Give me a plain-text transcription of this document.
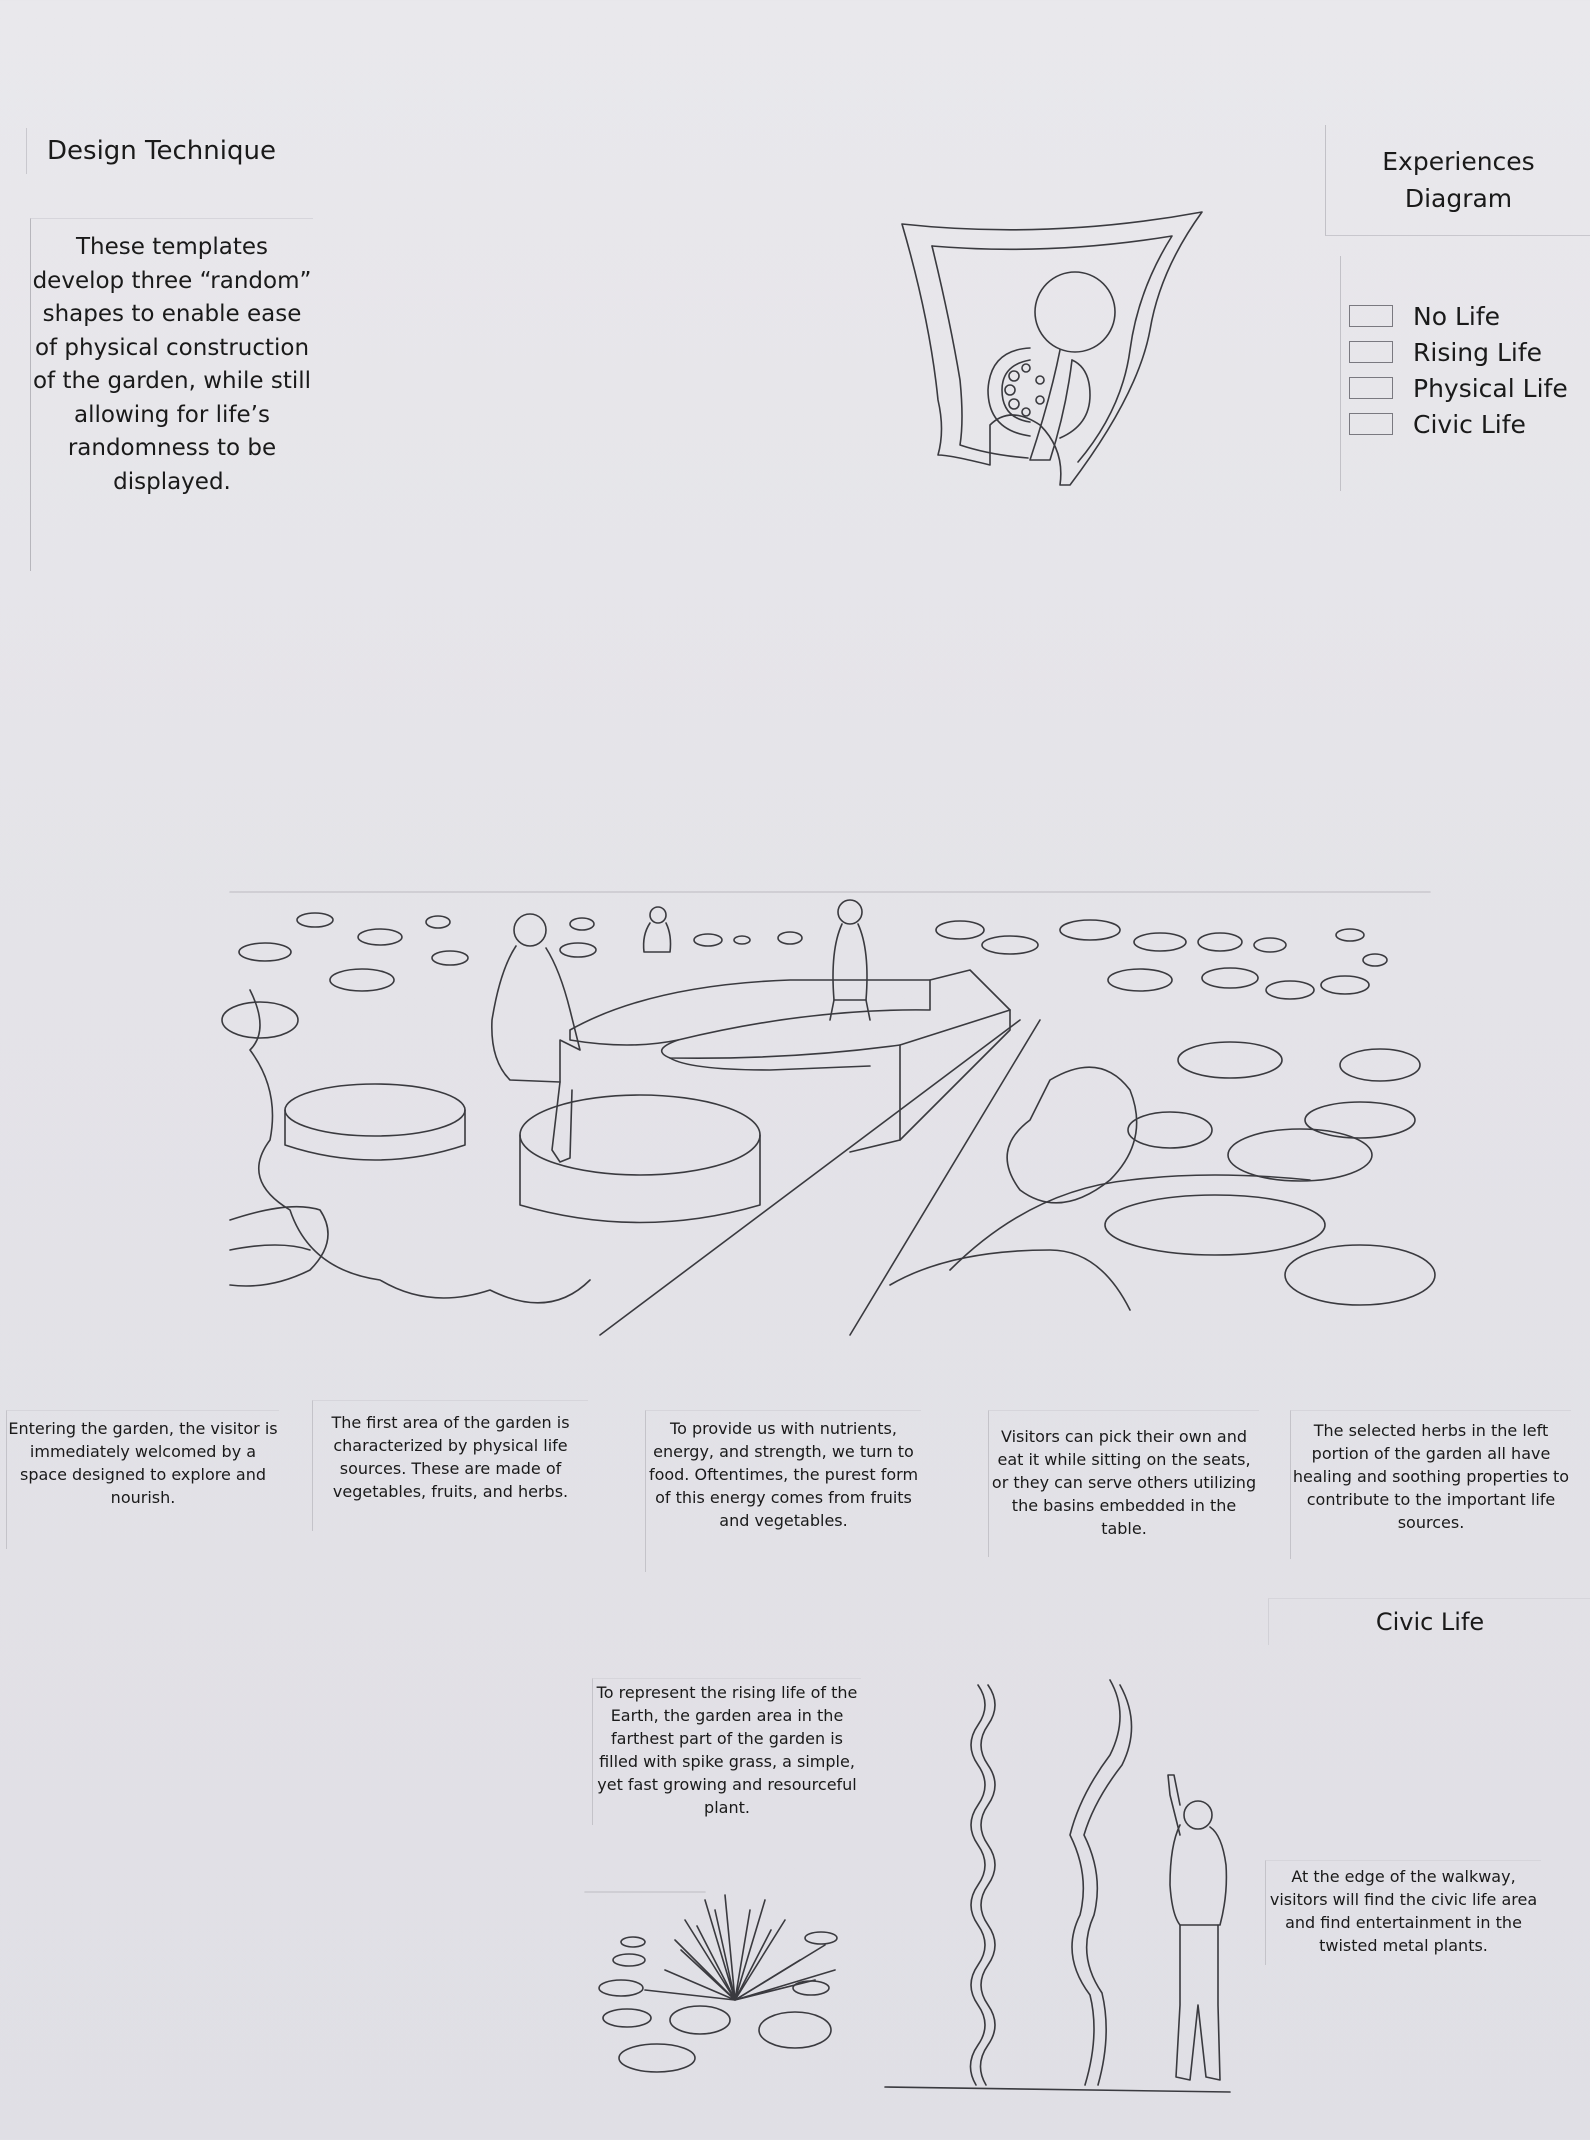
Design Technique
These templates develop three “random” shapes to enable ease of physical construction of the garden, while still allowing for life’s randomness to be displayed.
Experiences Diagram
No Life
Rising Life
Physical Life
Civic Life
Entering the garden, the visitor is immediately welcomed by a space designed to explore and nourish.
The first area of the garden is characterized by physical life sources. These are made of vegetables, fruits, and herbs.
To provide us with nutrients, energy, and strength, we turn to food. Oftentimes, the purest form of this energy comes from fruits and vegetables.
Visitors can pick their own and eat it while sitting on the seats, or they can serve others utilizing the basins embedded in the table.
The selected herbs in the left portion of the garden all have healing and soothing properties to contribute to the important life sources.
Civic Life
To represent the rising life of the Earth, the garden area in the farthest part of the garden is filled with spike grass, a simple, yet fast growing and resourceful plant.
At the edge of the walkway, visitors will find the civic life area and find entertainment in the twisted metal plants.
